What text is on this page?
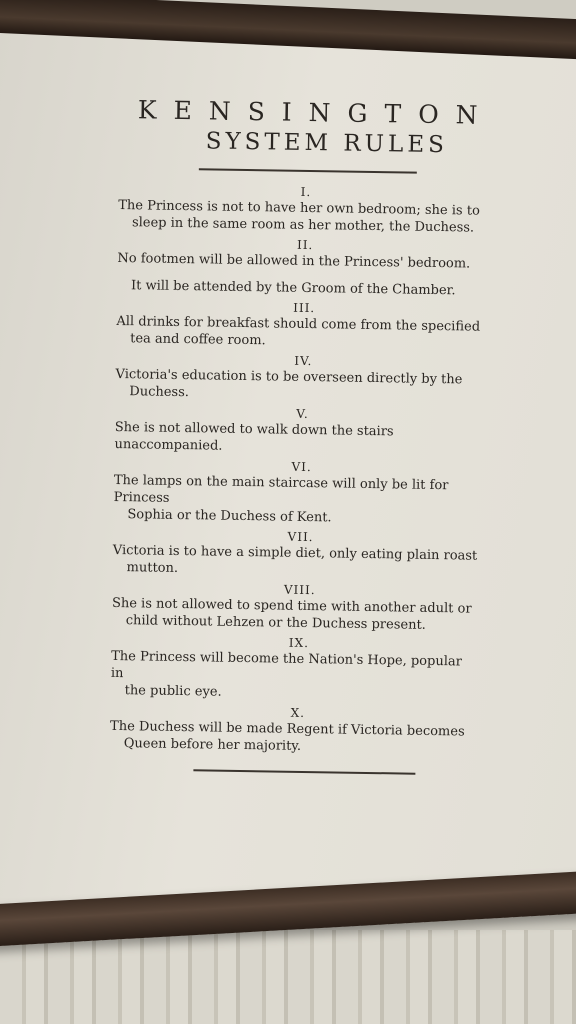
KENSINGTON

SYSTEM RULES

I.
The Princess is not to have her own bedroom; she is to
sleep in the same room as her mother, the Duchess.
II.
No footmen will be allowed in the Princess' bedroom.
It will be attended by the Groom of the Chamber.
III.
All drinks for breakfast should come from the specified
tea and coffee room.
IV.
Victoria's education is to be overseen directly by the
Duchess.
V.
She is not allowed to walk down the stairs unaccompanied.
VI.
The lamps on the main staircase will only be lit for Princess
Sophia or the Duchess of Kent.
VII.
Victoria is to have a simple diet, only eating plain roast
mutton.
VIII.
She is not allowed to spend time with another adult or
child without Lehzen or the Duchess present.
IX.
The Princess will become the Nation's Hope, popular in
the public eye.
X.
The Duchess will be made Regent if Victoria becomes
Queen before her majority.
